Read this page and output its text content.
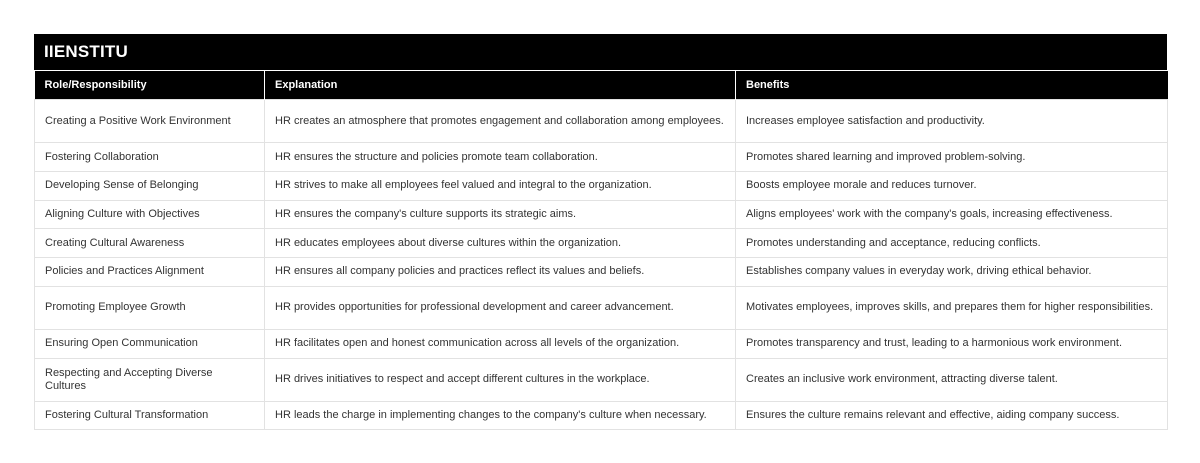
IIENSTITU
Role/Responsibility	Explanation	Benefits
Creating a Positive Work Environment	HR creates an atmosphere that promotes engagement and collaboration among employees.	Increases employee satisfaction and productivity.
Fostering Collaboration	HR ensures the structure and policies promote team collaboration.	Promotes shared learning and improved problem-solving.
Developing Sense of Belonging	HR strives to make all employees feel valued and integral to the organization.	Boosts employee morale and reduces turnover.
Aligning Culture with Objectives	HR ensures the company's culture supports its strategic aims.	Aligns employees' work with the company's goals, increasing effectiveness.
Creating Cultural Awareness	HR educates employees about diverse cultures within the organization.	Promotes understanding and acceptance, reducing conflicts.
Policies and Practices Alignment	HR ensures all company policies and practices reflect its values and beliefs.	Establishes company values in everyday work, driving ethical behavior.
Promoting Employee Growth	HR provides opportunities for professional development and career advancement.	Motivates employees, improves skills, and prepares them for higher responsibilities.
Ensuring Open Communication	HR facilitates open and honest communication across all levels of the organization.	Promotes transparency and trust, leading to a harmonious work environment.
Respecting and Accepting Diverse Cultures	HR drives initiatives to respect and accept different cultures in the workplace.	Creates an inclusive work environment, attracting diverse talent.
Fostering Cultural Transformation	HR leads the charge in implementing changes to the company's culture when necessary.	Ensures the culture remains relevant and effective, aiding company success.
